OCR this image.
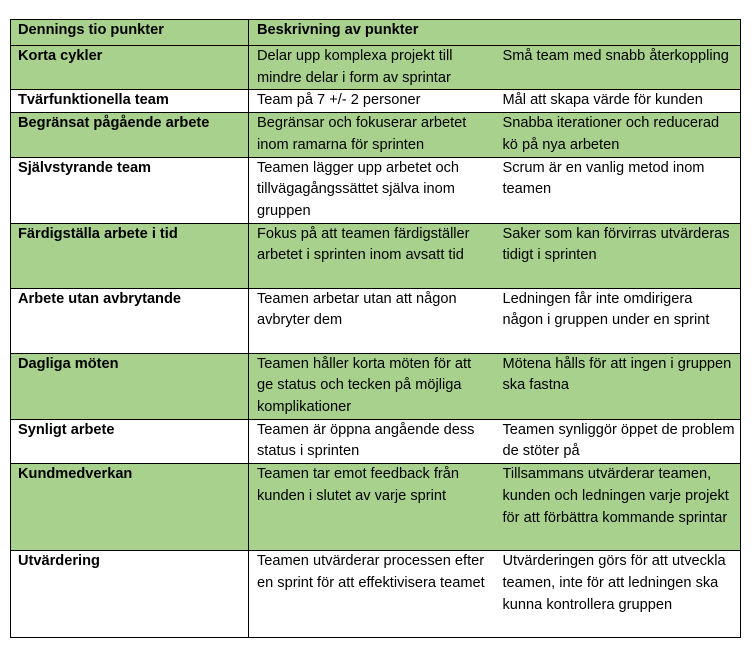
Dennings tio punkter	Beskrivning av punkter	
Korta cykler	Delar upp komplexa projekt till mindre delar i form av sprintar	Små team med snabb återkoppling
Tvärfunktionella team	Team på 7 +/- 2 personer	Mål att skapa värde för kunden
Begränsat pågående arbete	Begränsar och fokuserar arbetet inom ramarna för sprinten	Snabba iterationer och reducerad kö på nya arbeten
Självstyrande team	Teamen lägger upp arbetet och tillvägagångssättet själva inom gruppen	Scrum är en vanlig metod inom teamen
Färdigställa arbete i tid	Fokus på att teamen färdigställer arbetet i sprinten inom avsatt tid	Saker som kan förvirras utvärderas tidigt i sprinten
Arbete utan avbrytande	Teamen arbetar utan att någon avbryter dem	Ledningen får inte omdirigera någon i gruppen under en sprint
Dagliga möten	Teamen håller korta möten för att ge status och tecken på möjliga komplikationer	Mötena hålls för att ingen i gruppen ska fastna
Synligt arbete	Teamen är öppna angående dess status i sprinten	Teamen synliggör öppet de problem de stöter på
Kundmedverkan	Teamen tar emot feedback från kunden i slutet av varje sprint	Tillsammans utvärderar teamen, kunden och ledningen varje projekt för att förbättra kommande sprintar
Utvärdering	Teamen utvärderar processen efter en sprint för att effektivisera teamet	Utvärderingen görs för att utveckla teamen, inte för att ledningen ska kunna kontrollera gruppen
